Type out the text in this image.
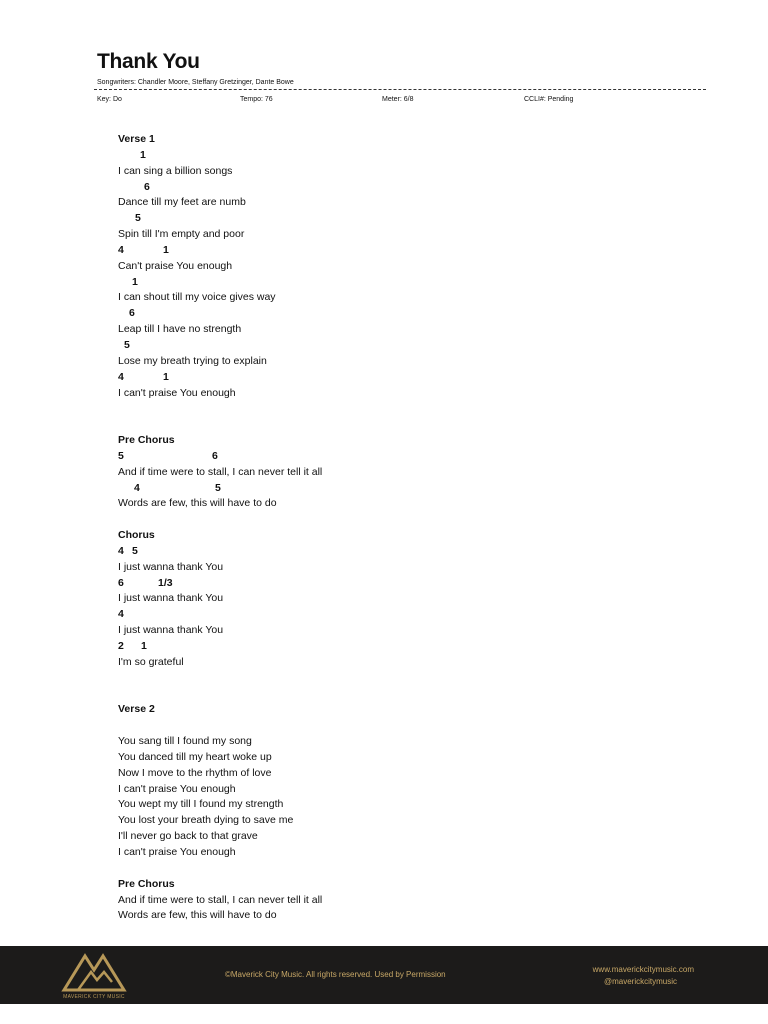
Thank You
Songwriters: Chandler Moore, Steffany Gretzinger, Dante Bowe
Key: Do	Tempo: 76	Meter: 6/8	CCLI#: Pending
Verse 1
1
I can sing a billion songs
6
Dance till my feet are numb
5
Spin till I'm empty and poor
4	1
Can't praise You enough
1
I can shout till my voice gives way
6
Leap till I have no strength
5
Lose my breath trying to explain
4	1
I can't praise You enough
Pre Chorus
5	6
And if time were to stall, I can never tell it all
4	5
Words are few, this will have to do
Chorus
4 5
I just wanna thank You
6	1/3
I just wanna thank You
4
I just wanna thank You
2 1
I'm so grateful
Verse 2
You sang till I found my song
You danced till my heart woke up
Now I move to the rhythm of love
I can't praise You enough
You wept my till I found my strength
You lost your breath dying to save me
I'll never go back to that grave
I can't praise You enough
Pre Chorus
And if time were to stall, I can never tell it all
Words are few, this will have to do
MAVERICK CITY MUSIC
©Maverick City Music. All rights reserved. Used by Permission
www.maverickcitymusic.com
@maverickcitymusic
